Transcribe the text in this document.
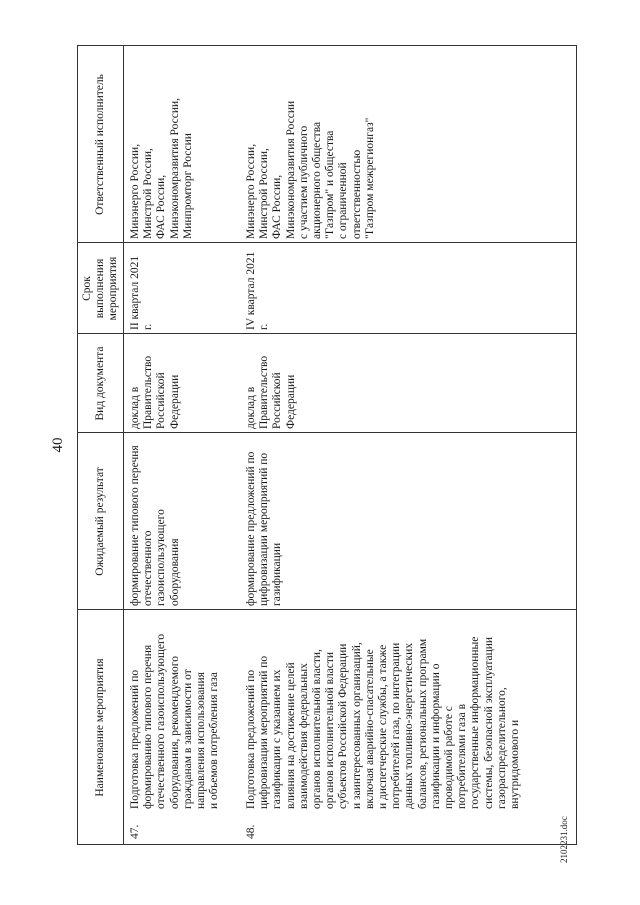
40
2102231.doc
Наименование мероприятия
Ожидаемый результат
Вид документа
Срок выполнения мероприятия
Ответственный исполнитель
47.
Подготовка предложений по
формированию типового перечня
отечественного газоиспользующего
оборудования, рекомендуемого
гражданам в зависимости от
направления использования
и объемов потребления газа
формирование типового перечня
отечественного
газоиспользующего
оборудования
доклад в
Правительство
Российской
Федерации
II квартал 2021 г.
Минэнерго России,
Минстрой России,
ФАС России,
Минэкономразвития России,
Минпромторг России
48.
Подготовка предложений по
цифровизации мероприятий по
газификации с указанием их
влияния на достижение целей
взаимодействия федеральных
органов исполнительной власти,
органов исполнительной власти
субъектов Российской Федерации
и заинтересованных организаций,
включая аварийно-спасательные
и диспетчерские службы, а также
потребителей газа, по интеграции
данных топливно-энергетических
балансов, региональных программ
газификации и информации о
проводимой работе с
потребителями газа в
государственные информационные
системы, безопасной эксплуатации
газораспределительного,
внутридомового и
формирование предложений по
цифровизации мероприятий по
газификации
доклад в
Правительство
Российской
Федерации
IV квартал 2021 г.
Минэнерго России,
Минстрой России,
ФАС России,
Минэкономразвития России
с участием публичного
акционерного общества
"Газпром" и общества
с ограниченной
ответственностью
"Газпром межрегионгаз"
